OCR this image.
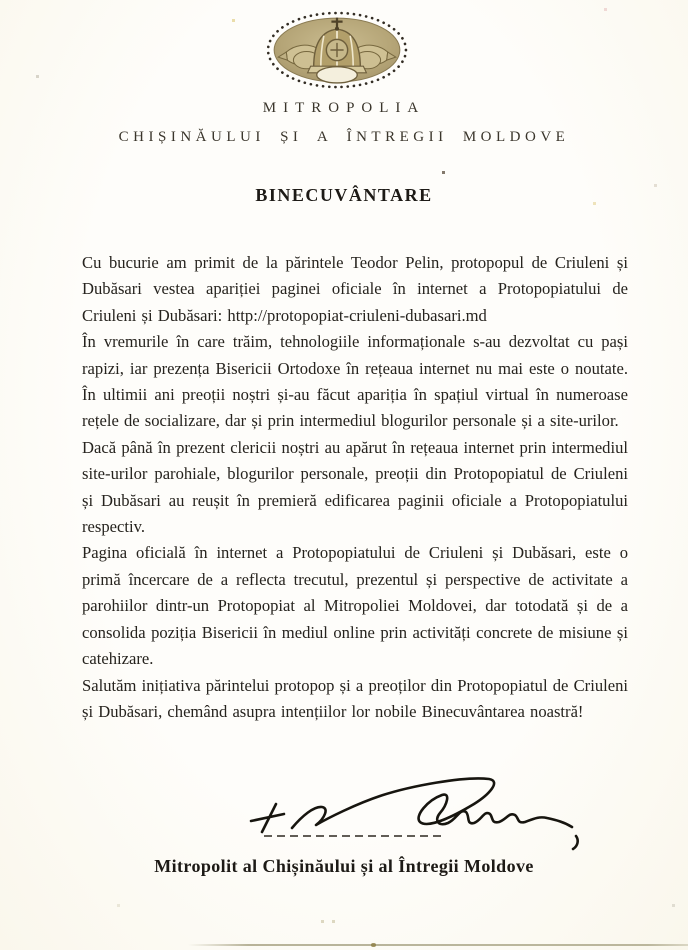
MITROPOLIA
CHIȘINĂULUI ȘI A ÎNTREGII MOLDOVE
BINECUVÂNTARE

Cu bucurie am primit de la părintele Teodor Pelin, protopopul de Criuleni și Dubăsari vestea apariției paginei oficiale în internet a Protopopiatului de Criuleni și Dubăsari: http://protopopiat-criuleni-dubasari.md

În vremurile în care trăim, tehnologiile informaționale s-au dezvoltat cu pași rapizi, iar prezența Bisericii Ortodoxe în rețeaua internet nu mai este o noutate. În ultimii ani preoții noștri și-au făcut apariția în spațiul virtual în numeroase rețele de socializare, dar și prin intermediul blogurilor personale și a site-urilor.

Dacă până în prezent clericii noștri au apărut în rețeaua internet prin intermediul site-urilor parohiale, blogurilor personale, preoții din Protopopiatul de Criuleni și Dubăsari au reușit în premieră edificarea paginii oficiale a Protopopiatului respectiv.

Pagina oficială în internet a Protopopiatului de Criuleni și Dubăsari, este o primă încercare de a reflecta trecutul, prezentul și perspective de activitate a parohiilor dintr-un Protopopiat al Mitropoliei Moldovei, dar totodată și de a consolida poziția Bisericii în mediul online prin activități concrete de misiune și catehizare.

Salutăm inițiativa părintelui protopop și a preoților din Protopopiatul de Criuleni și Dubăsari, chemând asupra intențiilor lor nobile Binecuvântarea noastră!

Mitropolit al Chișinăului și al Întregii Moldove
